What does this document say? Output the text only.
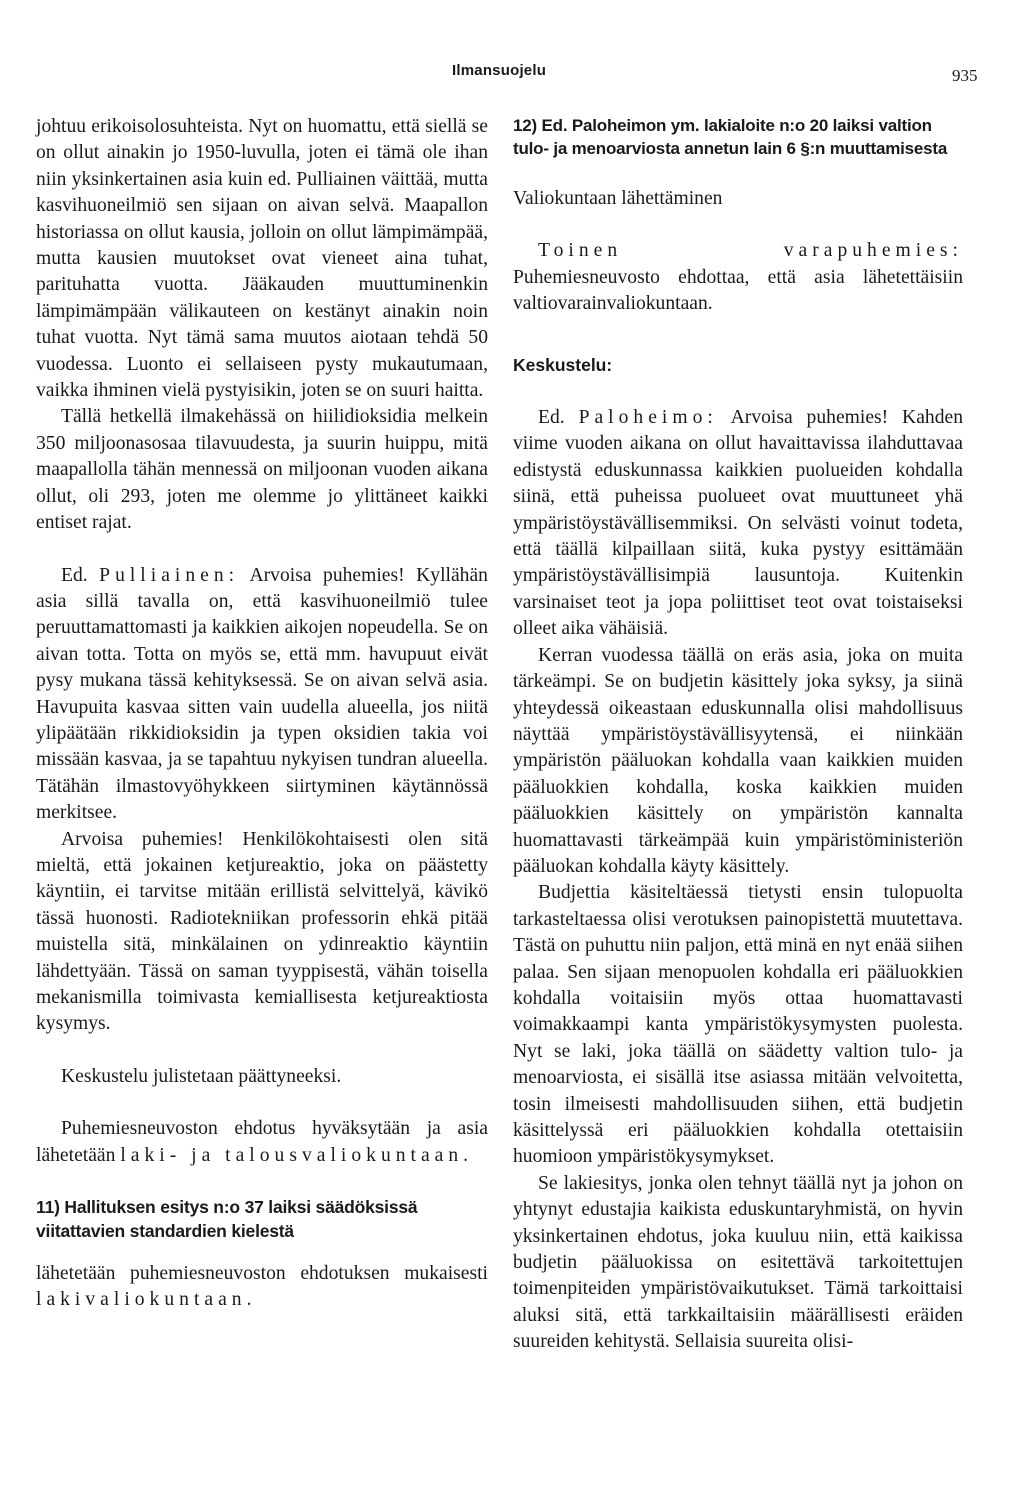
Ilmansuojelu	935

johtuu erikoisolosuhteista. Nyt on huomattu, että siellä se on ollut ainakin jo 1950-luvulla, joten ei tämä ole ihan niin yksinkertainen asia kuin ed. Pulliainen väittää, mutta kasvihuoneilmiö sen sijaan on aivan selvä. Maapallon historiassa on ollut kausia, jolloin on ollut lämpimämpää, mutta kausien muutokset ovat vieneet aina tuhat, parituhatta vuotta. Jääkauden muuttuminenkin lämpimämpään välikauteen on kestänyt ainakin noin tuhat vuotta. Nyt tämä sama muutos aiotaan tehdä 50 vuodessa. Luonto ei sellaiseen pysty mukautumaan, vaikka ihminen vielä pystyisikin, joten se on suuri haitta.

Tällä hetkellä ilmakehässä on hiilidioksidia melkein 350 miljoonasosaa tilavuudesta, ja suurin huippu, mitä maapallolla tähän mennessä on miljoonan vuoden aikana ollut, oli 293, joten me olemme jo ylittäneet kaikki entiset rajat.

Ed. Pulliainen: Arvoisa puhemies! Kyllähän asia sillä tavalla on, että kasvihuoneilmiö tulee peruuttamattomasti ja kaikkien aikojen nopeudella. Se on aivan totta. Totta on myös se, että mm. havupuut eivät pysy mukana tässä kehityksessä. Se on aivan selvä asia. Havupuita kasvaa sitten vain uudella alueella, jos niitä ylipäätään rikkidioksidin ja typen oksidien takia voi missään kasvaa, ja se tapahtuu nykyisen tundran alueella. Tätähän ilmastovyöhykkeen siirtyminen käytännössä merkitsee.

Arvoisa puhemies! Henkilökohtaisesti olen sitä mieltä, että jokainen ketjureaktio, joka on päästetty käyntiin, ei tarvitse mitään erillistä selvittelyä, kävikö tässä huonosti. Radiotekniikan professorin ehkä pitää muistella sitä, minkälainen on ydinreaktio käyntiin lähdettyään. Tässä on saman tyyppisestä, vähän toisella mekanismilla toimivasta kemiallisesta ketjureaktiosta kysymys.

Keskustelu julistetaan päättyneeksi.

Puhemiesneuvoston ehdotus hyväksytään ja asia lähetetään laki- ja talousvaliokuntaan.

11) Hallituksen esitys n:o 37 laiksi säädöksissä viitattavien standardien kielestä

lähetetään puhemiesneuvoston ehdotuksen mukaisesti lakivaliokuntaan.

12) Ed. Paloheimon ym. lakialoite n:o 20 laiksi valtion tulo- ja menoarviosta annetun lain 6 §:n muuttamisesta

Valiokuntaan lähettäminen

Toinen varapuhemies: Puhemiesneuvosto ehdottaa, että asia lähetettäisiin valtiovarainvaliokuntaan.

Keskustelu:

Ed. Paloheimo: Arvoisa puhemies! Kahden viime vuoden aikana on ollut havaittavissa ilahduttavaa edistystä eduskunnassa kaikkien puolueiden kohdalla siinä, että puheissa puolueet ovat muuttuneet yhä ympäristöystävällisemmiksi. On selvästi voinut todeta, että täällä kilpaillaan siitä, kuka pystyy esittämään ympäristöystävällisimpiä lausuntoja. Kuitenkin varsinaiset teot ja jopa poliittiset teot ovat toistaiseksi olleet aika vähäisiä.

Kerran vuodessa täällä on eräs asia, joka on muita tärkeämpi. Se on budjetin käsittely joka syksy, ja siinä yhteydessä oikeastaan eduskunnalla olisi mahdollisuus näyttää ympäristöystävällisyytensä, ei niinkään ympäristön pääluokan kohdalla vaan kaikkien muiden pääluokkien kohdalla, koska kaikkien muiden pääluokkien käsittely on ympäristön kannalta huomattavasti tärkeämpää kuin ympäristöministeriön pääluokan kohdalla käyty käsittely.

Budjettia käsiteltäessä tietysti ensin tulopuolta tarkasteltaessa olisi verotuksen painopistettä muutettava. Tästä on puhuttu niin paljon, että minä en nyt enää siihen palaa. Sen sijaan menopuolen kohdalla eri pääluokkien kohdalla voitaisiin myös ottaa huomattavasti voimakkaampi kanta ympäristökysymysten puolesta. Nyt se laki, joka täällä on säädetty valtion tulo- ja menoarviosta, ei sisällä itse asiassa mitään velvoitetta, tosin ilmeisesti mahdollisuuden siihen, että budjetin käsittelyssä eri pääluokkien kohdalla otettaisiin huomioon ympäristökysymykset.

Se lakiesitys, jonka olen tehnyt täällä nyt ja johon on yhtynyt edustajia kaikista eduskuntaryhmistä, on hyvin yksinkertainen ehdotus, joka kuuluu niin, että kaikissa budjetin pääluokissa on esitettävä tarkoitettujen toimenpiteiden ympäristövaikutukset. Tämä tarkoittaisi aluksi sitä, että tarkkailtaisiin määrällisesti eräiden suureiden kehitystä. Sellaisia suureita olisi-
